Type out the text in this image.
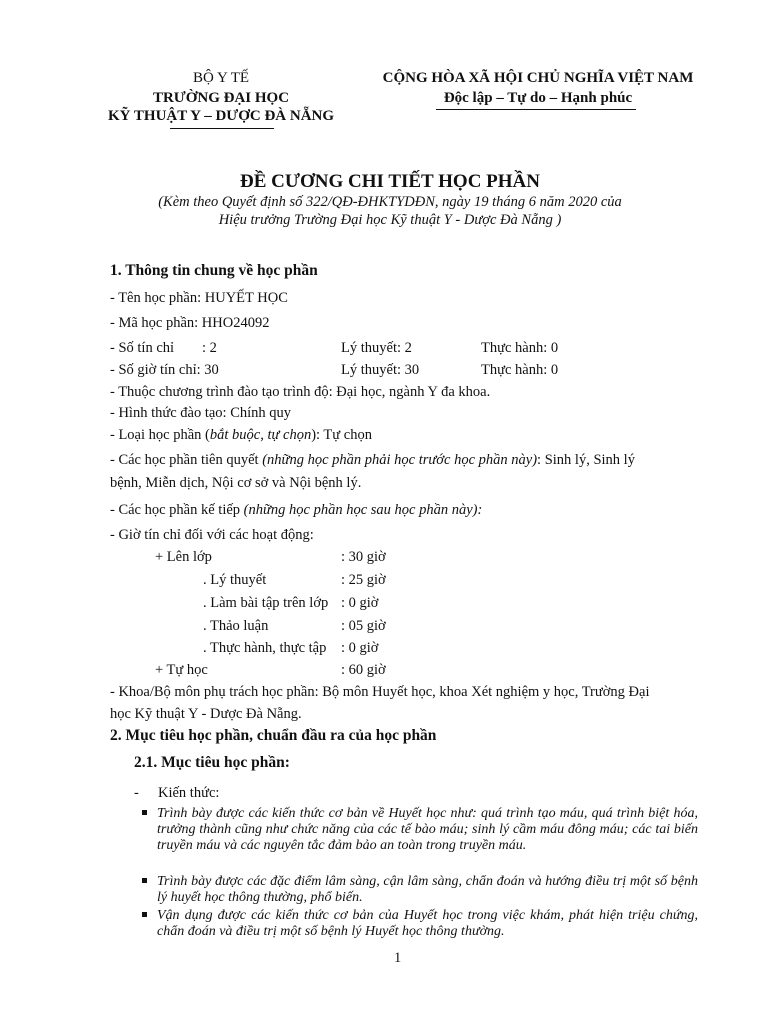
BỘ Y TẾ
TRƯỜNG ĐẠI HỌC
KỸ THUẬT Y – DƯỢC ĐÀ NẴNG
CỘNG HÒA XÃ HỘI CHỦ NGHĨA VIỆT NAM
Độc lập – Tự do – Hạnh phúc
ĐỀ CƯƠNG CHI TIẾT HỌC PHẦN
(Kèm theo Quyết định số 322/QĐ-ĐHKTYDĐN, ngày 19 tháng 6 năm 2020 của
Hiệu trưởng Trường Đại học Kỹ thuật Y - Dược Đà Nẵng )
1. Thông tin chung về học phần
- Tên học phần: HUYẾT HỌC
- Mã học phần: HHO24092
- Số tín chỉ : 2	Lý thuyết: 2	Thực hành: 0
- Số giờ tín chỉ: 30	Lý thuyết: 30	Thực hành: 0
- Thuộc chương trình đào tạo trình độ: Đại học, ngành Y đa khoa.
- Hình thức đào tạo: Chính quy
- Loại học phần (bắt buộc, tự chọn): Tự chọn
- Các học phần tiên quyết (những học phần phải học trước học phần này): Sinh lý, Sinh lý
bệnh, Miễn dịch, Nội cơ sở và Nội bệnh lý.
- Các học phần kế tiếp (những học phần học sau học phần này):
- Giờ tín chỉ đối với các hoạt động:
+ Lên lớp	: 30 giờ
. Lý thuyết	: 25 giờ
. Làm bài tập trên lớp : 0 giờ
. Thảo luận	: 05 giờ
. Thực hành, thực tập : 0 giờ
+ Tự học	: 60 giờ
- Khoa/Bộ môn phụ trách học phần: Bộ môn Huyết học, khoa Xét nghiệm y học, Trường Đại
học Kỹ thuật Y - Dược Đà Nẵng.
2. Mục tiêu học phần, chuẩn đầu ra của học phần
2.1. Mục tiêu học phần:
- Kiến thức:
Trình bày được các kiến thức cơ bản về Huyết học như: quá trình tạo máu, quá trình biệt hóa, trưởng thành cũng như chức năng của các tế bào máu; sinh lý cầm máu đông máu; các tai biến truyền máu và các nguyên tắc đảm bảo an toàn trong truyền máu.
Trình bày được các đặc điểm lâm sàng, cận lâm sàng, chẩn đoán và hướng điều trị một số bệnh lý huyết học thông thường, phổ biến.
Vận dụng được các kiến thức cơ bản của Huyết học trong việc khám, phát hiện triệu chứng, chẩn đoán và điều trị một số bệnh lý Huyết học thông thường.
1
